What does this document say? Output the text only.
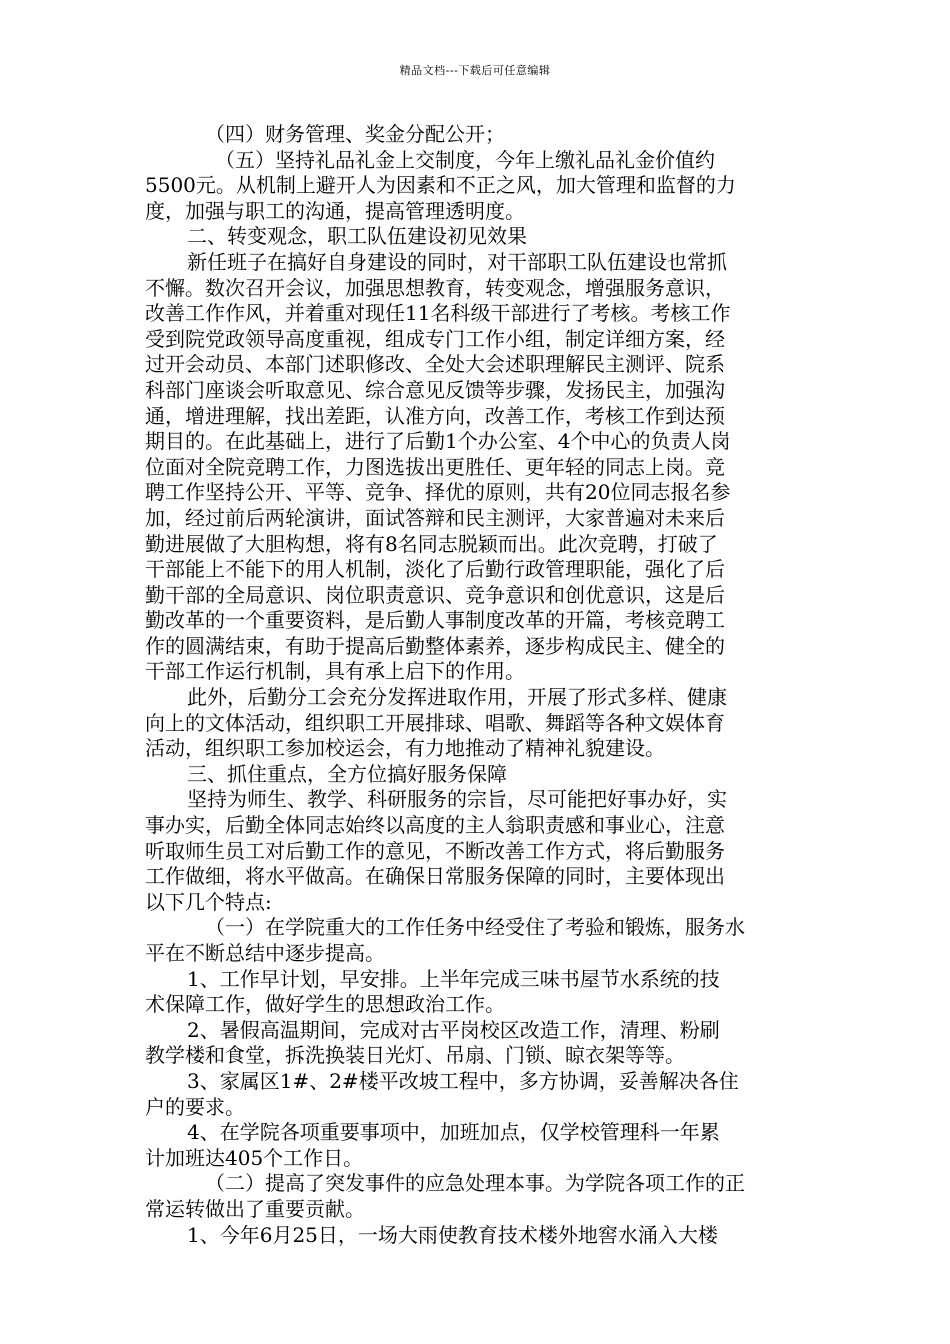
精品文档---下载后可任意编辑
（四）财务管理、奖金分配公开；
（五）坚持礼品礼金上交制度，今年上缴礼品礼金价值约
5500元。从机制上避开人为因素和不正之风，加大管理和监督的力
度，加强与职工的沟通，提高管理透明度。
二、转变观念，职工队伍建设初见效果
新任班子在搞好自身建设的同时，对干部职工队伍建设也常抓
不懈。数次召开会议，加强思想教育，转变观念，增强服务意识，
改善工作作风，并着重对现任11名科级干部进行了考核。考核工作
受到院党政领导高度重视，组成专门工作小组，制定详细方案，经
过开会动员、本部门述职修改、全处大会述职理解民主测评、院系
科部门座谈会听取意见、综合意见反馈等步骤，发扬民主，加强沟
通，增进理解，找出差距，认准方向，改善工作，考核工作到达预
期目的。在此基础上，进行了后勤1个办公室、4个中心的负责人岗
位面对全院竞聘工作，力图选拔出更胜任、更年轻的同志上岗。竞
聘工作坚持公开、平等、竞争、择优的原则，共有20位同志报名参
加，经过前后两轮演讲，面试答辩和民主测评，大家普遍对未来后
勤进展做了大胆构想，将有8名同志脱颖而出。此次竞聘，打破了
干部能上不能下的用人机制，淡化了后勤行政管理职能，强化了后
勤干部的全局意识、岗位职责意识、竞争意识和创优意识，这是后
勤改革的一个重要资料，是后勤人事制度改革的开篇，考核竞聘工
作的圆满结束，有助于提高后勤整体素养，逐步构成民主、健全的
干部工作运行机制，具有承上启下的作用。
此外，后勤分工会充分发挥进取作用，开展了形式多样、健康
向上的文体活动，组织职工开展排球、唱歌、舞蹈等各种文娱体育
活动，组织职工参加校运会，有力地推动了精神礼貌建设。
三、抓住重点，全方位搞好服务保障
坚持为师生、教学、科研服务的宗旨，尽可能把好事办好，实
事办实，后勤全体同志始终以高度的主人翁职责感和事业心，注意
听取师生员工对后勤工作的意见，不断改善工作方式，将后勤服务
工作做细，将水平做高。在确保日常服务保障的同时，主要体现出
以下几个特点:
（一）在学院重大的工作任务中经受住了考验和锻炼，服务水
平在不断总结中逐步提高。
1、工作早计划，早安排。上半年完成三味书屋节水系统的技
术保障工作，做好学生的思想政治工作。
2、暑假高温期间，完成对古平岗校区改造工作，清理、粉刷
教学楼和食堂，拆洗换装日光灯、吊扇、门锁、晾衣架等等。
3、家属区1#、2#楼平改坡工程中，多方协调，妥善解决各住
户的要求。
4、在学院各项重要事项中，加班加点，仅学校管理科一年累
计加班达405个工作日。
（二）提高了突发事件的应急处理本事。为学院各项工作的正
常运转做出了重要贡献。
1、今年6月25日，一场大雨使教育技术楼外地窖水涌入大楼
